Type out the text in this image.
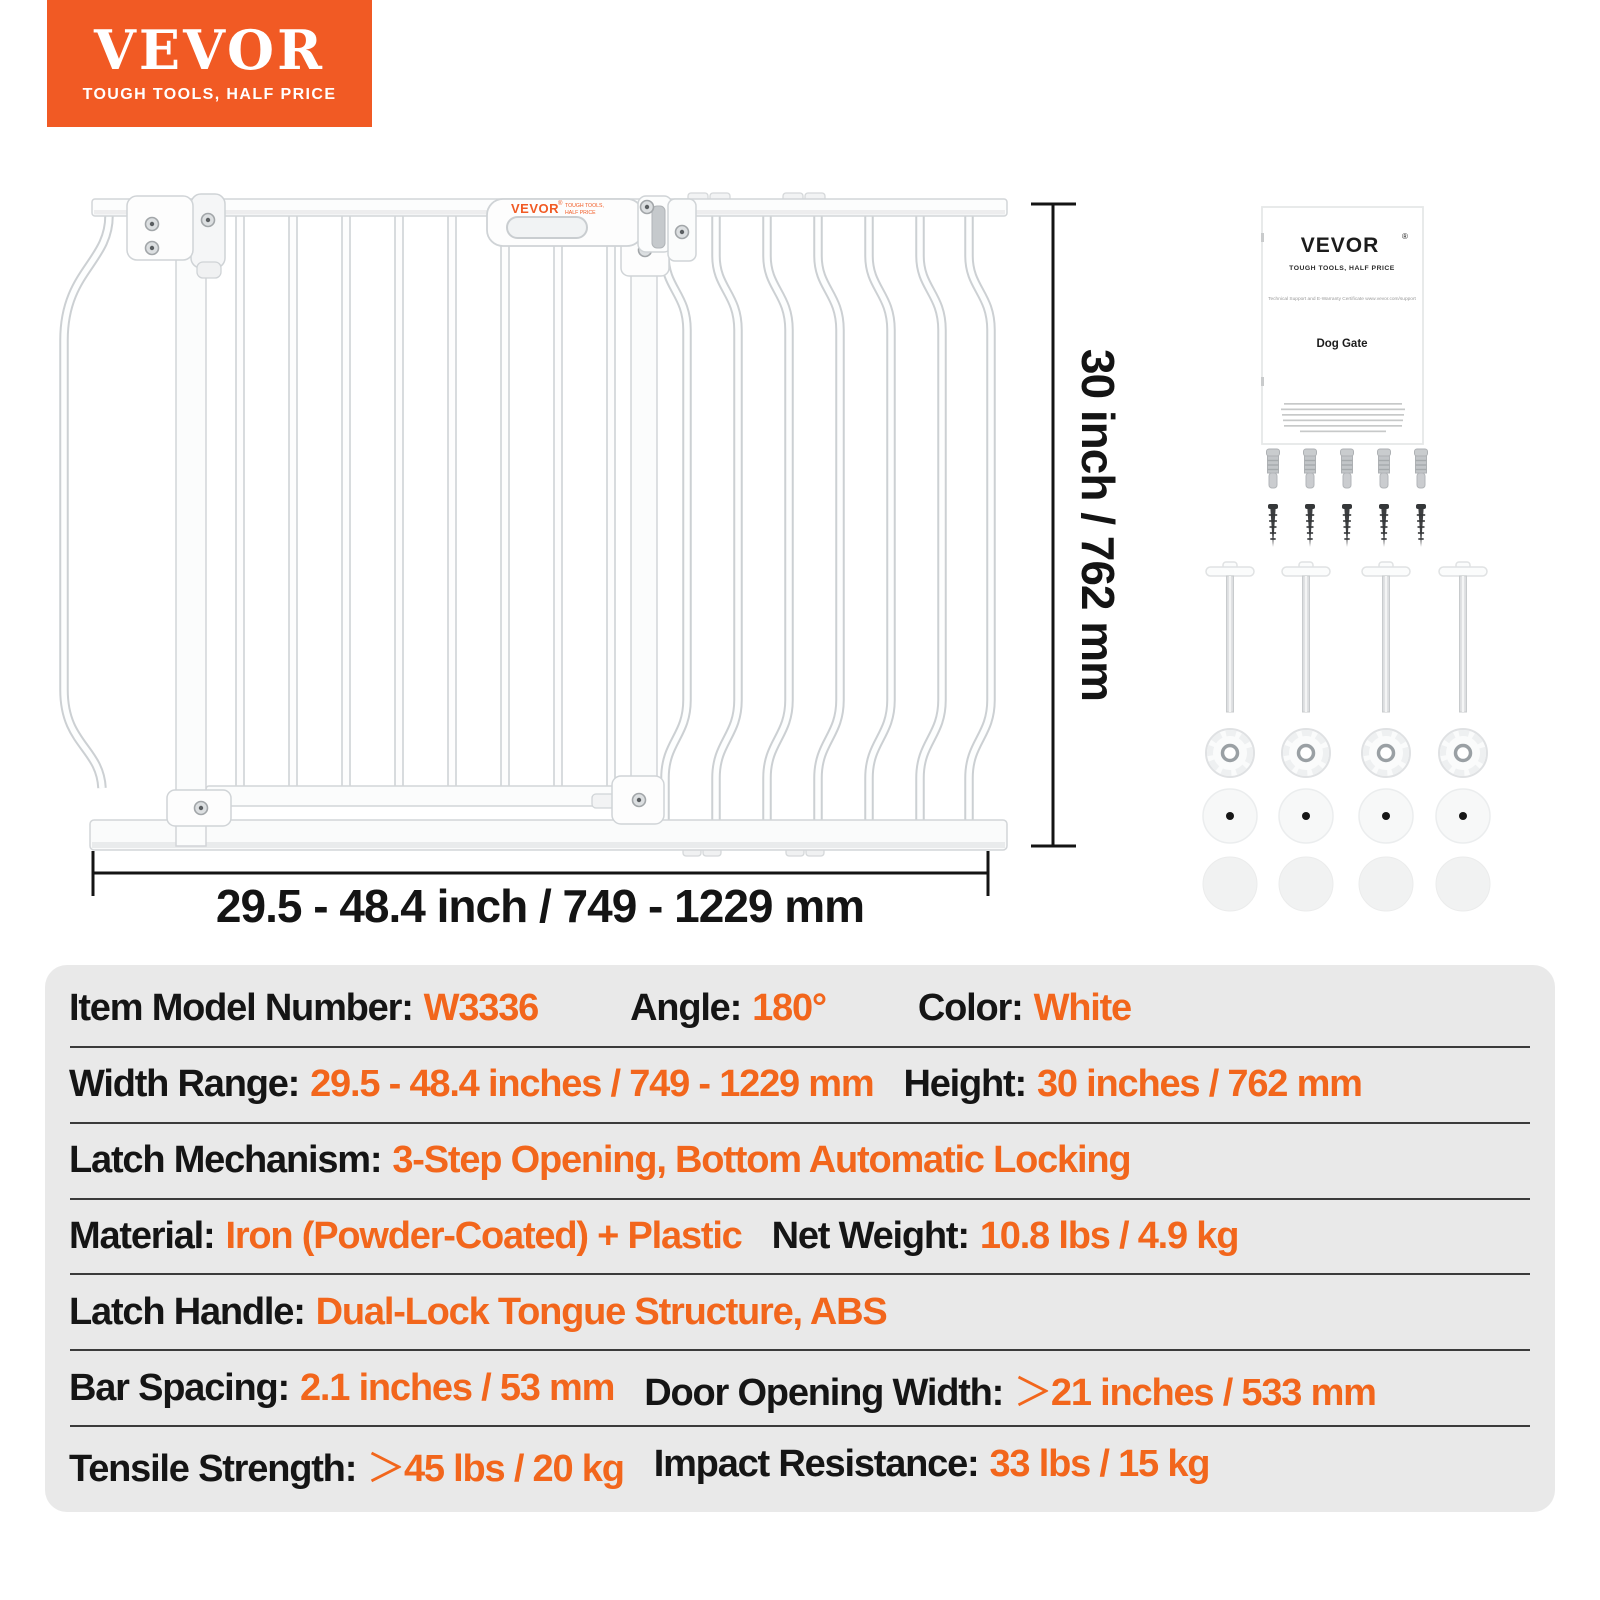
VEVOR
TOUGH TOOLS, HALF PRICE
VEVOR
® TOUGH TOOLS,
HALF PRICE
30 inch / 762 mm
29.5 - 48.4 inch / 749 - 1229 mm
VEVOR	®
TOUGH TOOLS, HALF PRICE
Technical Support and E-Warranty Certificate www.vevor.com/support
Dog Gate
Item Model Number: W3336 Angle: 180° Color: White
Width Range: 29.5 - 48.4 inches / 749 - 1229 mm Height: 30 inches / 762 mm
Latch Mechanism: 3-Step Opening, Bottom Automatic Locking
Material: Iron (Powder-Coated) + Plastic Net Weight: 10.8 lbs / 4.9 kg
Latch Handle: Dual-Lock Tongue Structure, ABS
Bar Spacing: 2.1 inches / 53 mm Door Opening Width: ＞21 inches / 533 mm
Tensile Strength: ＞45 lbs / 20 kg Impact Resistance: 33 lbs / 15 kg
